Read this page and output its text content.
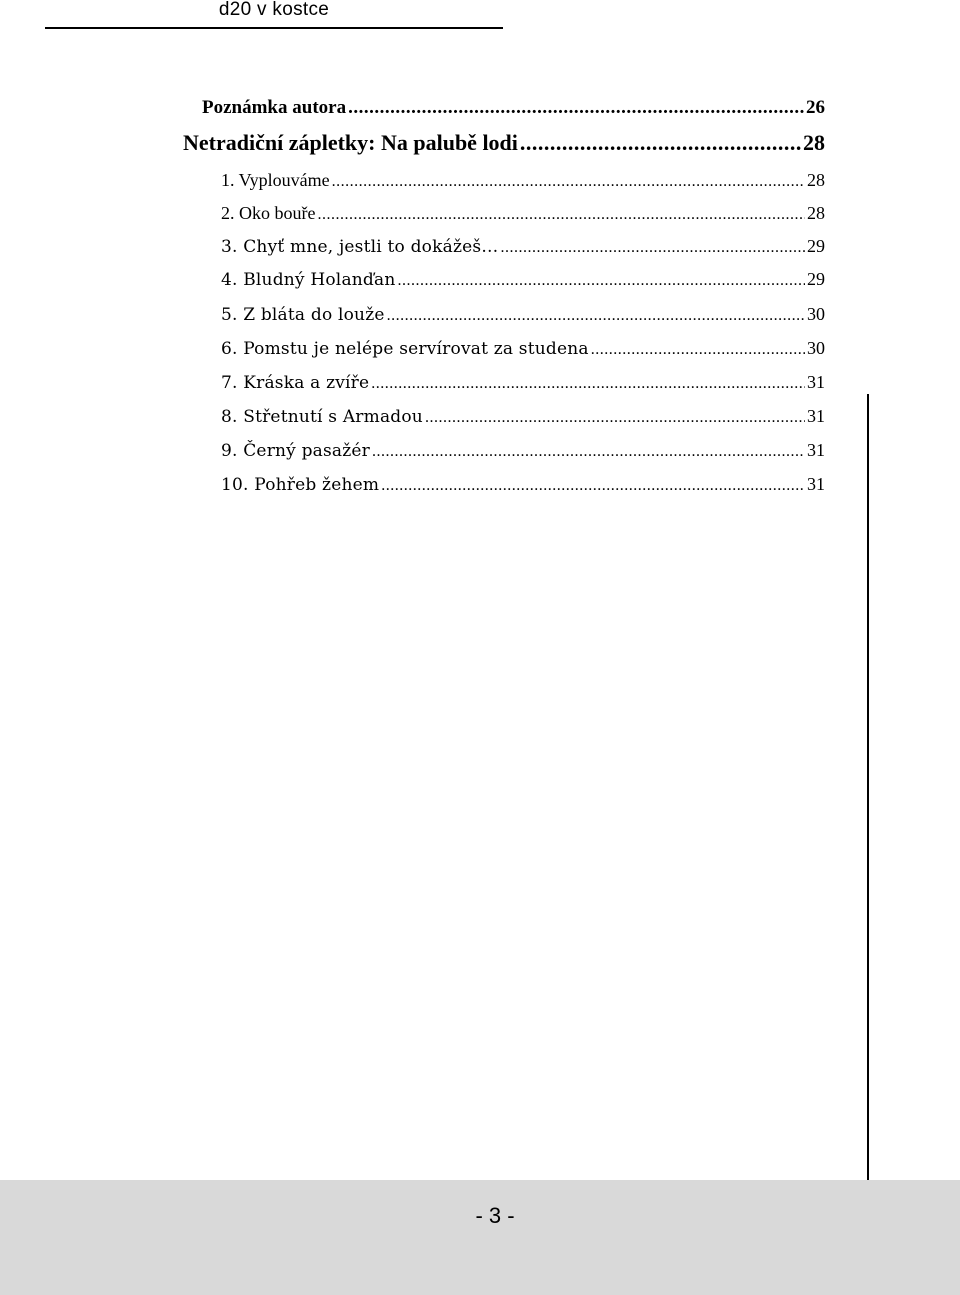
d20 v kostce
Poznámka autora .....	26
Netradiční zápletky: Na palubě lodi .....	28
1. Vyplouváme .....	28
2. Oko bouře .....	28
3. Chyť mne, jestli to dokážeš… .....	29
4. Bludný Holanďan .....	29
5. Z bláta do louže .....	30
6. Pomstu je nelépe servírovat za studena .....	30
7. Kráska a zvíře .....	31
8. Střetnutí s Armadou .....	31
9. Černý pasažér .....	31
10. Pohřeb žehem .....	31
- 3 -
